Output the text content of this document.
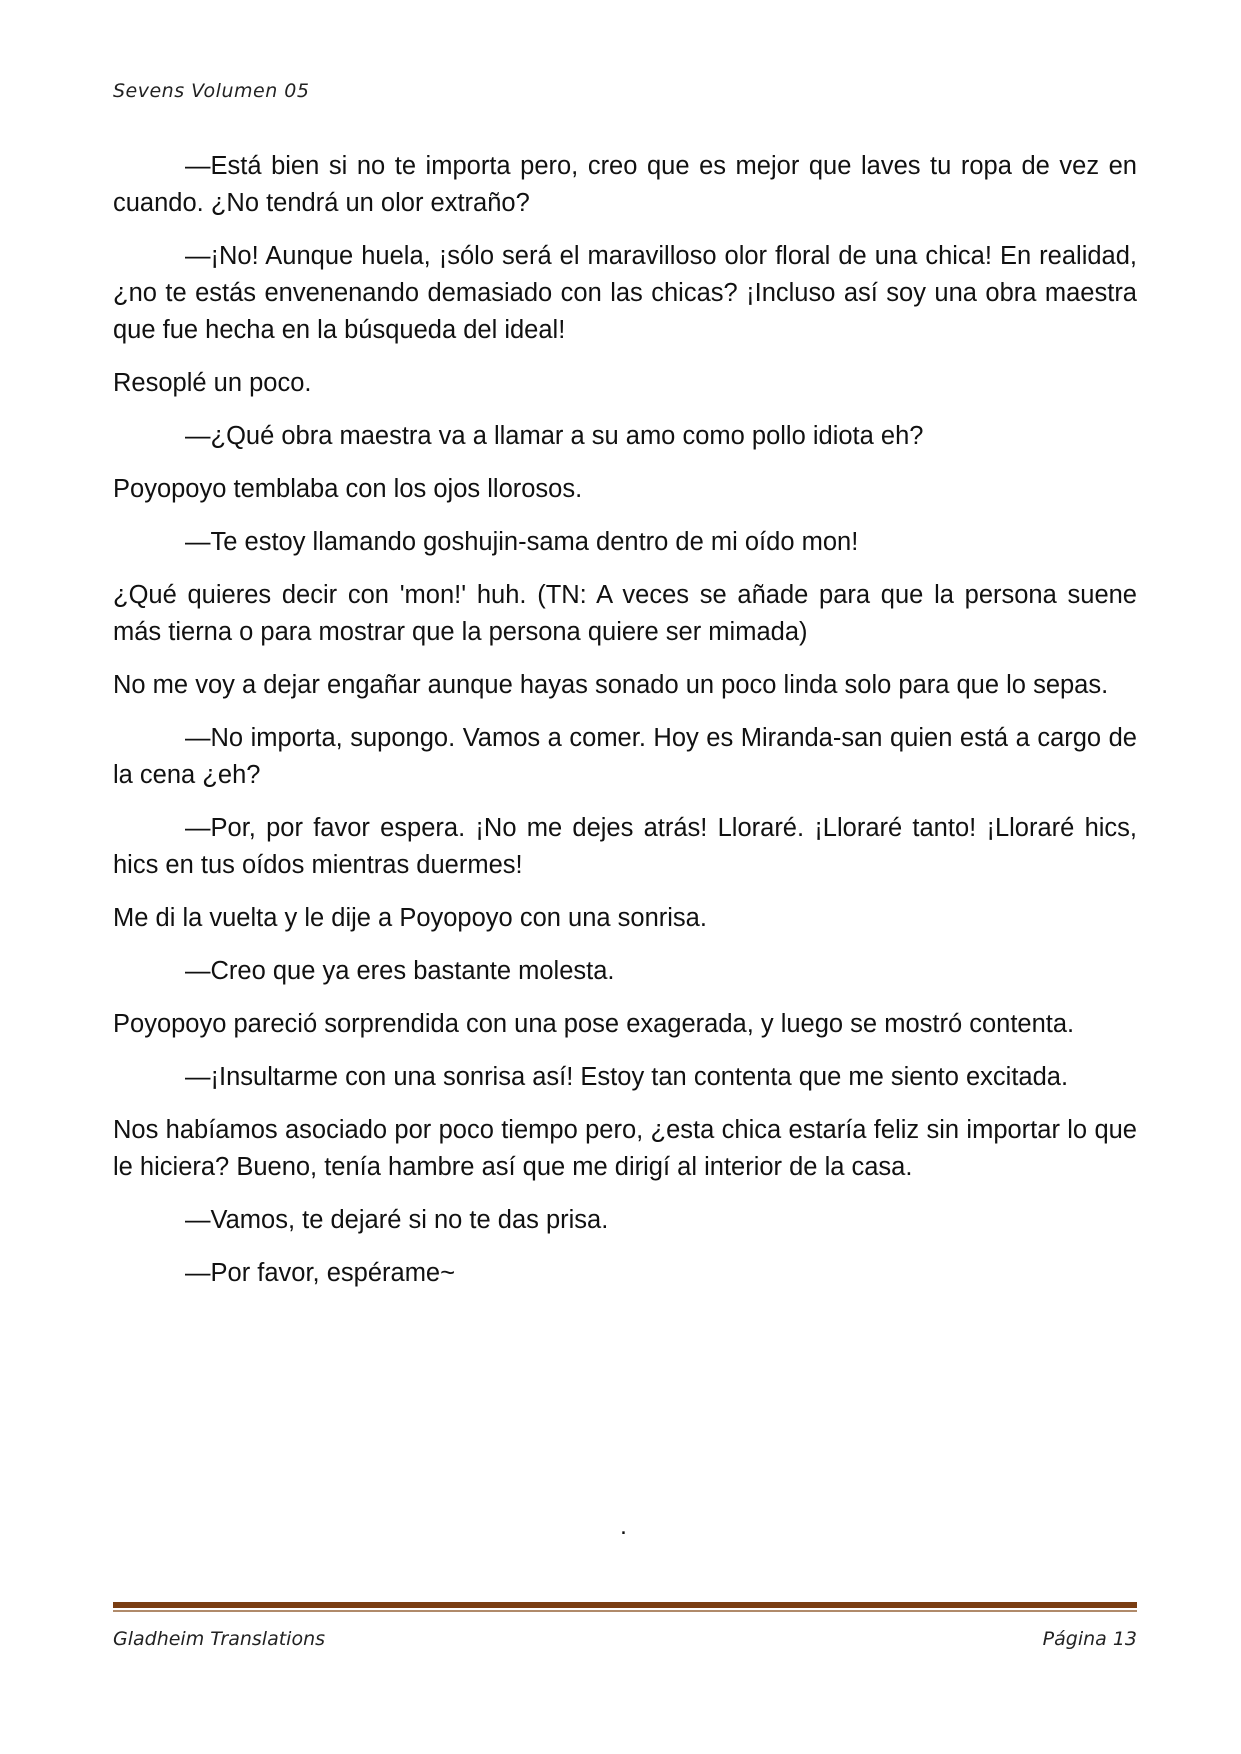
Sevens Volumen 05

—Está bien si no te importa pero, creo que es mejor que laves tu ropa de vez en cuando. ¿No tendrá un olor extraño?

—¡No! Aunque huela, ¡sólo será el maravilloso olor floral de una chica! En realidad, ¿no te estás envenenando demasiado con las chicas? ¡Incluso así soy una obra maestra que fue hecha en la búsqueda del ideal!

Resoplé un poco.

—¿Qué obra maestra va a llamar a su amo como pollo idiota eh?

Poyopoyo temblaba con los ojos llorosos.

—Te estoy llamando goshujin-sama dentro de mi oído mon!

¿Qué quieres decir con 'mon!' huh. (TN: A veces se añade para que la persona suene más tierna o para mostrar que la persona quiere ser mimada)

No me voy a dejar engañar aunque hayas sonado un poco linda solo para que lo sepas.

—No importa, supongo. Vamos a comer. Hoy es Miranda-san quien está a cargo de la cena ¿eh?

—Por, por favor espera. ¡No me dejes atrás! Lloraré. ¡Lloraré tanto! ¡Lloraré hics, hics en tus oídos mientras duermes!

Me di la vuelta y le dije a Poyopoyo con una sonrisa.

—Creo que ya eres bastante molesta.

Poyopoyo pareció sorprendida con una pose exagerada, y luego se mostró contenta.

—¡Insultarme con una sonrisa así! Estoy tan contenta que me siento excitada.

Nos habíamos asociado por poco tiempo pero, ¿esta chica estaría feliz sin importar lo que le hiciera? Bueno, tenía hambre así que me dirigí al interior de la casa.

—Vamos, te dejaré si no te das prisa.

—Por favor, espérame~

.
Gladheim Translations	Página 13
